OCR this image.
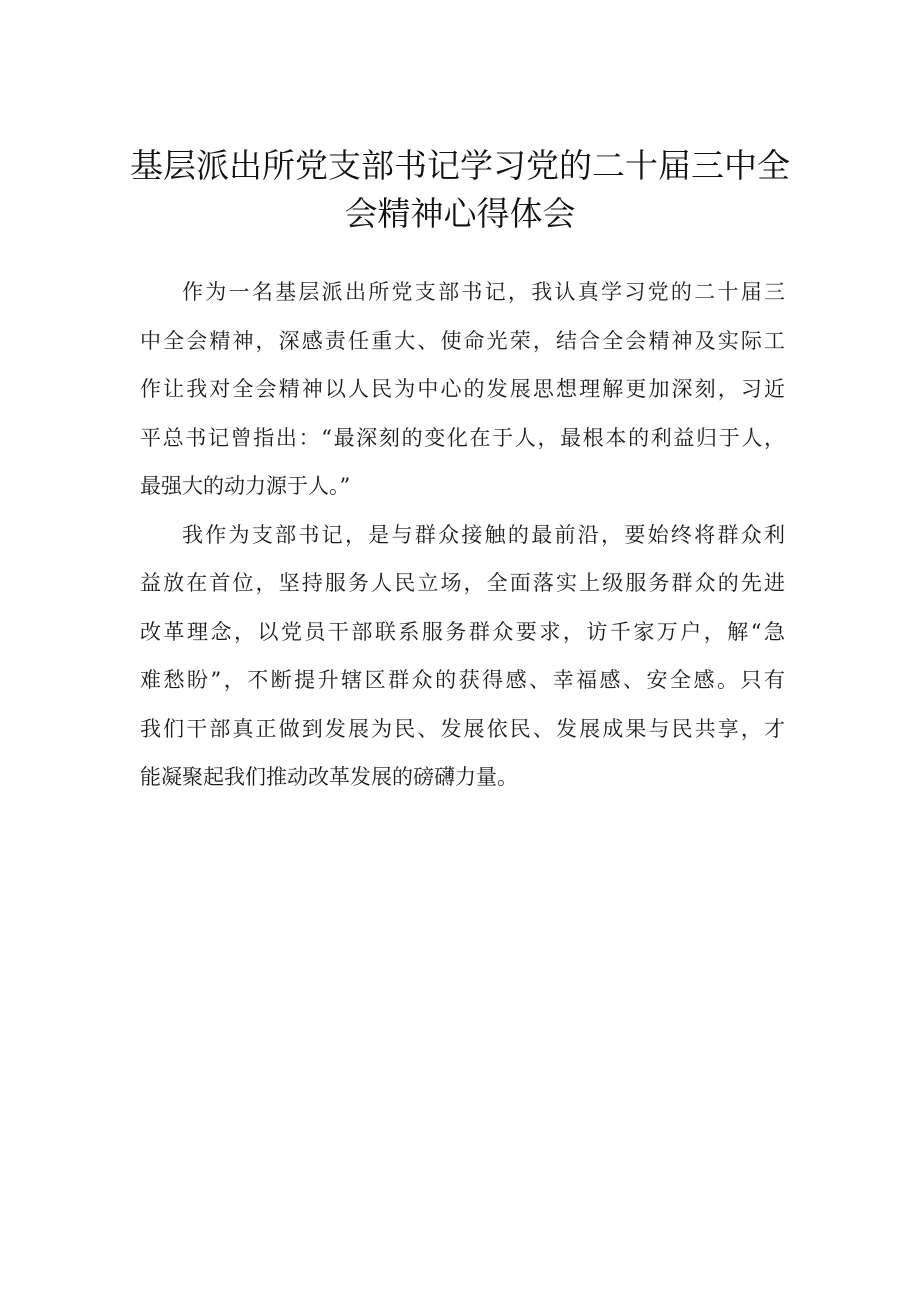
基层派出所党支部书记学习党的二十届三中全
会精神心得体会

作为一名基层派出所党支部书记，我认真学习党的二十届三
中全会精神，深感责任重大、使命光荣，结合全会精神及实际工
作让我对全会精神以人民为中心的发展思想理解更加深刻，习近
平总书记曾指出：“最深刻的变化在于人，最根本的利益归于人，
最强大的动力源于人。”

我作为支部书记，是与群众接触的最前沿，要始终将群众利
益放在首位，坚持服务人民立场，全面落实上级服务群众的先进
改革理念，以党员干部联系服务群众要求，访千家万户，解“急
难愁盼”，不断提升辖区群众的获得感、幸福感、安全感。只有
我们干部真正做到发展为民、发展依民、发展成果与民共享，才
能凝聚起我们推动改革发展的磅礴力量。
